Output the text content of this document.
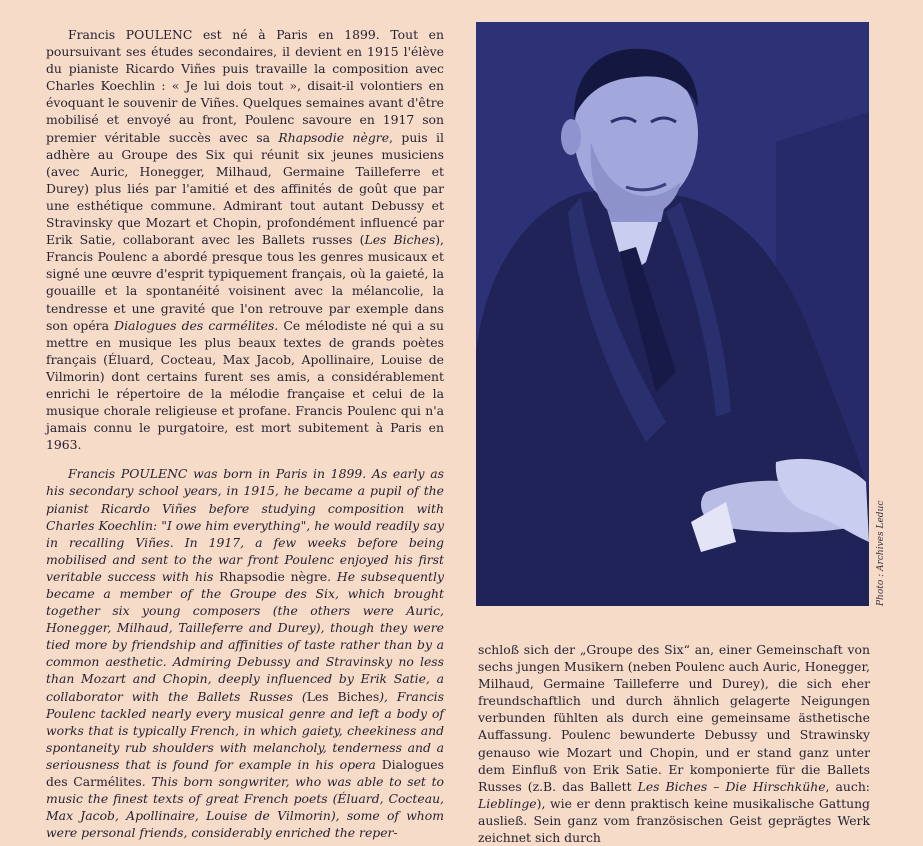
Francis POULENC est né à Paris en 1899. Tout en poursuivant ses études secondaires, il devient en 1915 l'élève du pianiste Ricardo Viñes puis travaille la composition avec Charles Koechlin : « Je lui dois tout », disait-il volontiers en évoquant le souvenir de Viñes. Quelques semaines avant d'être mobilisé et envoyé au front, Poulenc savoure en 1917 son premier véritable succès avec sa Rhapsodie nègre, puis il adhère au Groupe des Six qui réunit six jeunes musiciens (avec Auric, Honegger, Milhaud, Germaine Tailleferre et Durey) plus liés par l'amitié et des affinités de goût que par une esthétique commune. Admirant tout autant Debussy et Stravinsky que Mozart et Chopin, profondément influencé par Erik Satie, collaborant avec les Ballets russes (Les Biches), Francis Poulenc a abordé presque tous les genres musicaux et signé une œuvre d'esprit typiquement français, où la gaieté, la gouaille et la spontanéité voisinent avec la mélancolie, la tendresse et une gravité que l'on retrouve par exemple dans son opéra Dialogues des carmélites. Ce mélodiste né qui a su mettre en musique les plus beaux textes de grands poètes français (Éluard, Cocteau, Max Jacob, Apollinaire, Louise de Vilmorin) dont certains furent ses amis, a considérablement enrichi le répertoire de la mélodie française et celui de la musique chorale religieuse et profane. Francis Poulenc qui n'a jamais connu le purgatoire, est mort subitement à Paris en 1963.

Francis POULENC was born in Paris in 1899. As early as his secondary school years, in 1915, he became a pupil of the pianist Ricardo Viñes before studying composition with Charles Koechlin: "I owe him everything", he would readily say in recalling Viñes. In 1917, a few weeks before being mobilised and sent to the war front Poulenc enjoyed his first veritable success with his Rhapsodie nègre. He subsequently became a member of the Groupe des Six, which brought together six young composers (the others were Auric, Honegger, Milhaud, Tailleferre and Durey), though they were tied more by friendship and affinities of taste rather than by a common aesthetic. Admiring Debussy and Stravinsky no less than Mozart and Chopin, deeply influenced by Erik Satie, a collaborator with the Ballets Russes (Les Biches), Francis Poulenc tackled nearly every musical genre and left a body of works that is typically French, in which gaiety, cheekiness and spontaneity rub shoulders with melancholy, tenderness and a seriousness that is found for example in his opera Dialogues des Carmélites. This born songwriter, who was able to set to music the finest texts of great French poets (Éluard, Cocteau, Max Jacob, Apollinaire, Louise de Vilmorin), some of whom were personal friends, considerably enriched the reper-

Photo : Archives Leduc

schloß sich der „Groupe des Six“ an, einer Gemeinschaft von sechs jungen Musikern (neben Poulenc auch Auric, Honegger, Milhaud, Germaine Tailleferre und Durey), die sich eher freundschaftlich und durch ähnlich gelagerte Neigungen verbunden fühlten als durch eine gemeinsame ästhetische Auffassung. Poulenc bewunderte Debussy und Strawinsky genauso wie Mozart und Chopin, und er stand ganz unter dem Einfluß von Erik Satie. Er komponierte für die Ballets Russes (z.B. das Ballett Les Biches – Die Hirschkühe, auch: Lieblinge), wie er denn praktisch keine musikalische Gattung ausließ. Sein ganz vom französischen Geist geprägtes Werk zeichnet sich durch
